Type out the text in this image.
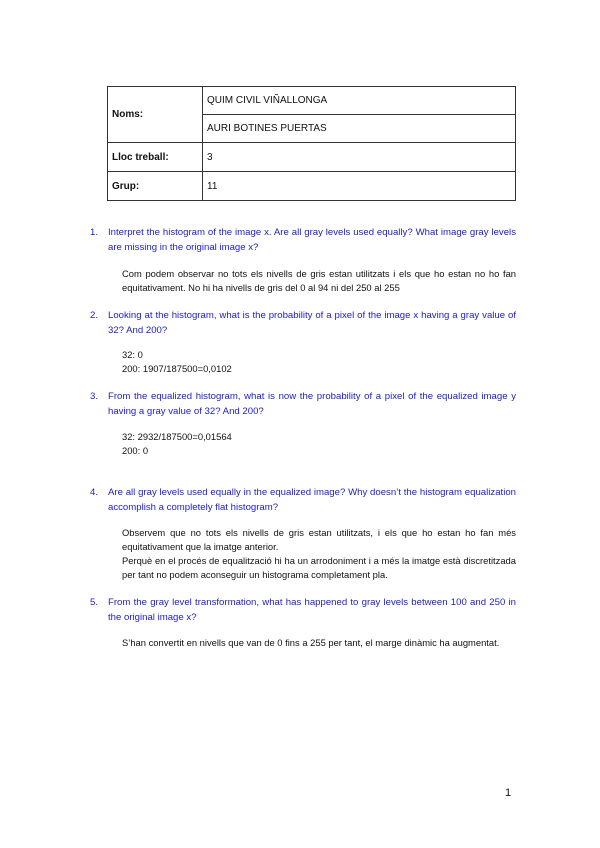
Noms:	QUIM CIVIL VIÑALLONGA
	AURI BOTINES PUERTAS
Lloc treball:	3
Grup:	11
1. Interpret the histogram of the image x. Are all gray levels used equally? What image gray levels are missing in the original image x?

Com podem observar no tots els nivells de gris estan utilitzats i els que ho estan no ho fan equitativament. No hi ha nivells de gris del 0 al 94 ni del 250 al 255

2. Looking at the histogram, what is the probability of a pixel of the image x having a gray value of 32? And 200?

32: 0

200: 1907/187500=0,0102

3. From the equalized histogram, what is now the probability of a pixel of the equalized image y having a gray value of 32? And 200?

32: 2932/187500=0,01564

200: 0

4. Are all gray levels used equally in the equalized image? Why doesn’t the histogram equalization accomplish a completely flat histogram?

Observem que no tots els nivells de gris estan utilitzats, i els que ho estan ho fan més equitativament que la imatge anterior.

Perquè en el procés de equalització hi ha un arrodoniment i a més la imatge està discretitzada per tant no podem aconseguir un histograma completament pla.

5. From the gray level transformation, what has happened to gray levels between 100 and 250 in the original image x?

S’han convertit en nivells que van de 0 fins a 255 per tant, el marge dinàmic ha augmentat.

1
